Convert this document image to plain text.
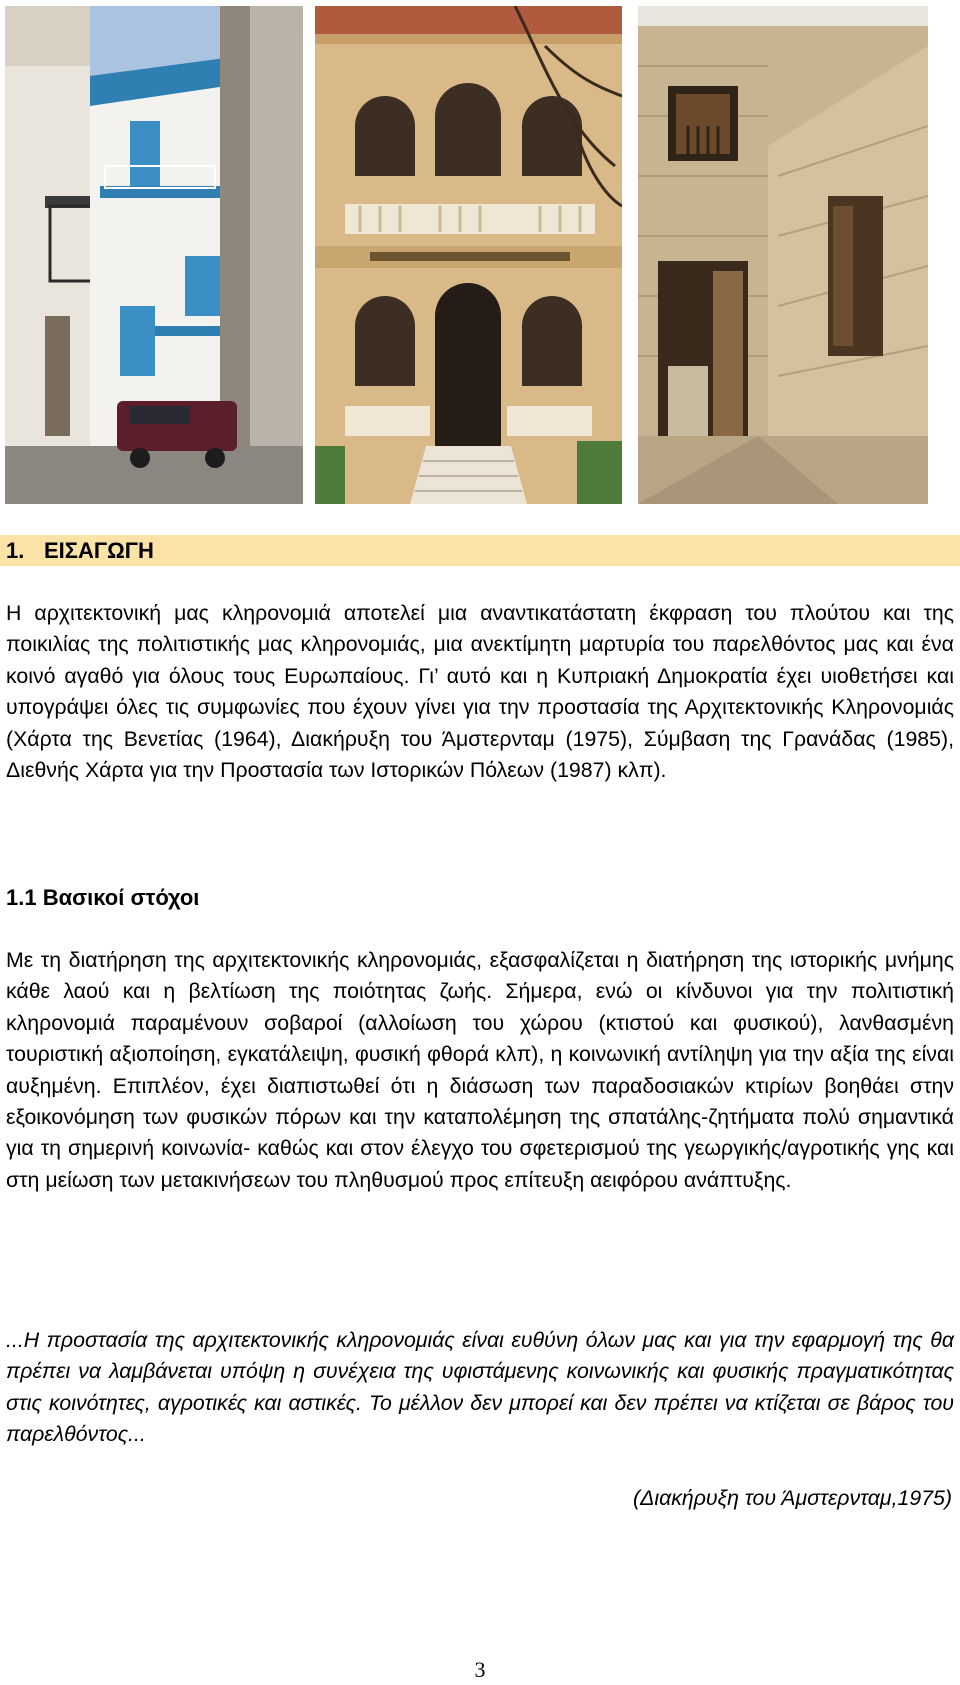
1. ΕΙΣΑΓΩΓΗ

Η αρχιτεκτονική μας κληρονομιά αποτελεί μια αναντικατάστατη έκφραση του πλούτου και της ποικιλίας της πολιτιστικής μας κληρονομιάς, μια ανεκτίμητη μαρτυρία του παρελθόντος μας και ένα κοινό αγαθό για όλους τους Ευρωπαίους. Γι’ αυτό και η Κυπριακή Δημοκρατία έχει υιοθετήσει και υπογράψει όλες τις συμφωνίες που έχουν γίνει για την προστασία της Αρχιτεκτονικής Κληρονομιάς (Χάρτα της Βενετίας (1964), Διακήρυξη του Άμστερνταμ (1975), Σύμβαση της Γρανάδας (1985), Διεθνής Χάρτα για την Προστασία των Ιστορικών Πόλεων (1987) κλπ).

1.1 Βασικοί στόχοι

Με τη διατήρηση της αρχιτεκτονικής κληρονομιάς, εξασφαλίζεται η διατήρηση της ιστορικής μνήμης κάθε λαού και η βελτίωση της ποιότητας ζωής. Σήμερα, ενώ οι κίνδυνοι για την πολιτιστική κληρονομιά παραμένουν σοβαροί (αλλοίωση του χώρου (κτιστού και φυσικού), λανθασμένη τουριστική αξιοποίηση, εγκατάλειψη, φυσική φθορά κλπ), η κοινωνική αντίληψη για την αξία της είναι αυξημένη. Επιπλέον, έχει διαπιστωθεί ότι η διάσωση των παραδοσιακών κτιρίων βοηθάει στην εξοικονόμηση των φυσικών πόρων και την καταπολέμηση της σπατάλης-ζητήματα πολύ σημαντικά για τη σημερινή κοινωνία- καθώς και στον έλεγχο του σφετερισμού της γεωργικής/αγροτικής γης και στη μείωση των μετακινήσεων του πληθυσμού προς επίτευξη αειφόρου ανάπτυξης.

...Η προστασία της αρχιτεκτονικής κληρονομιάς είναι ευθύνη όλων μας και για την εφαρμογή της θα πρέπει να λαμβάνεται υπόψη η συνέχεια της υφιστάμενης κοινωνικής και φυσικής πραγματικότητας στις κοινότητες, αγροτικές και αστικές. Το μέλλον δεν μπορεί και δεν πρέπει να κτίζεται σε βάρος του παρελθόντος...

(Διακήρυξη του Άμστερνταμ,1975)
3
